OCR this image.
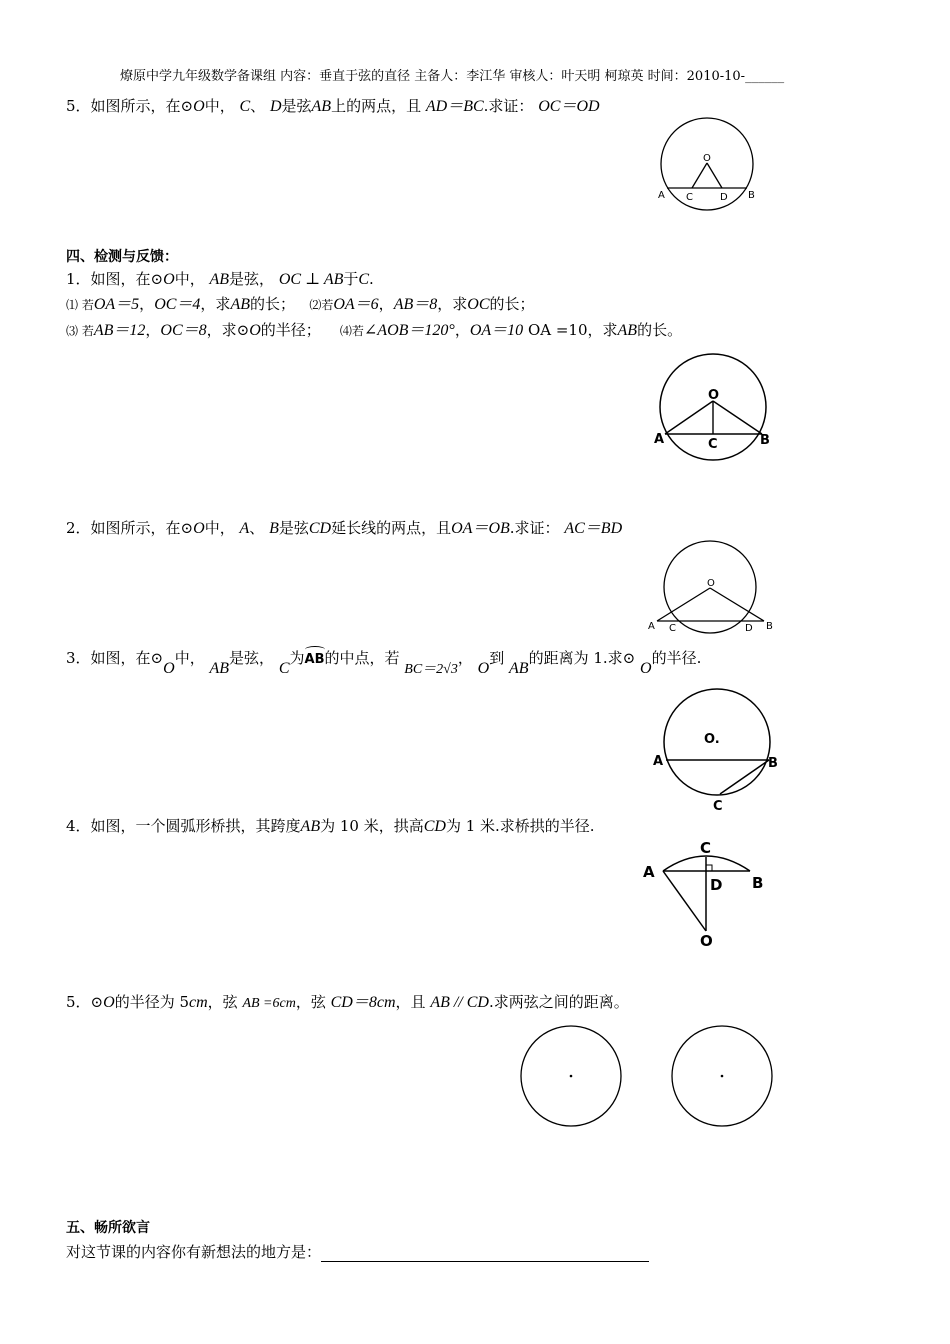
燎原中学九年级数学备课组 内容：垂直于弦的直径 主备人：李江华 审核人：叶天明 柯琼英 时间：2010-10-______
5．如图所示，在⊙O中， C、 D是弦AB上的两点，且 AD＝BC.求证： OC＝OD
O
A C	D B
四、检测与反馈：
1．如图，在⊙O中， AB是弦， OC ⊥ AB于C.
⑴ 若OA＝5，OC＝4，求AB的长； ⑵若OA＝6，AB＝8，求OC的长；
⑶ 若AB＝12，OC＝8，求⊙O的半径； ⑷若∠AOB＝120°，OA＝10 OA =10，求AB的长。
O
A	C	B
2．如图所示，在⊙O中， A、 B是弦CD延长线的两点，且OA＝OB.求证： AC＝BD
O
A C	D B
3．如图，在⊙O中， AB是弦， C为AB的中点，若 BC＝2√3， O到 AB的距离为 1.求⊙ O的半径.
O.
A	B
C
4．如图，一个圆弧形桥拱，其跨度AB为 10 米，拱高CD为 1 米.求桥拱的半径.
A
B
C
D
O
5．⊙O的半径为 5cm，弦 AB =6cm，弦 CD＝8cm，且 AB // CD.求两弦之间的距离。
五、畅所欲言
对这节课的内容你有新想法的地方是：
